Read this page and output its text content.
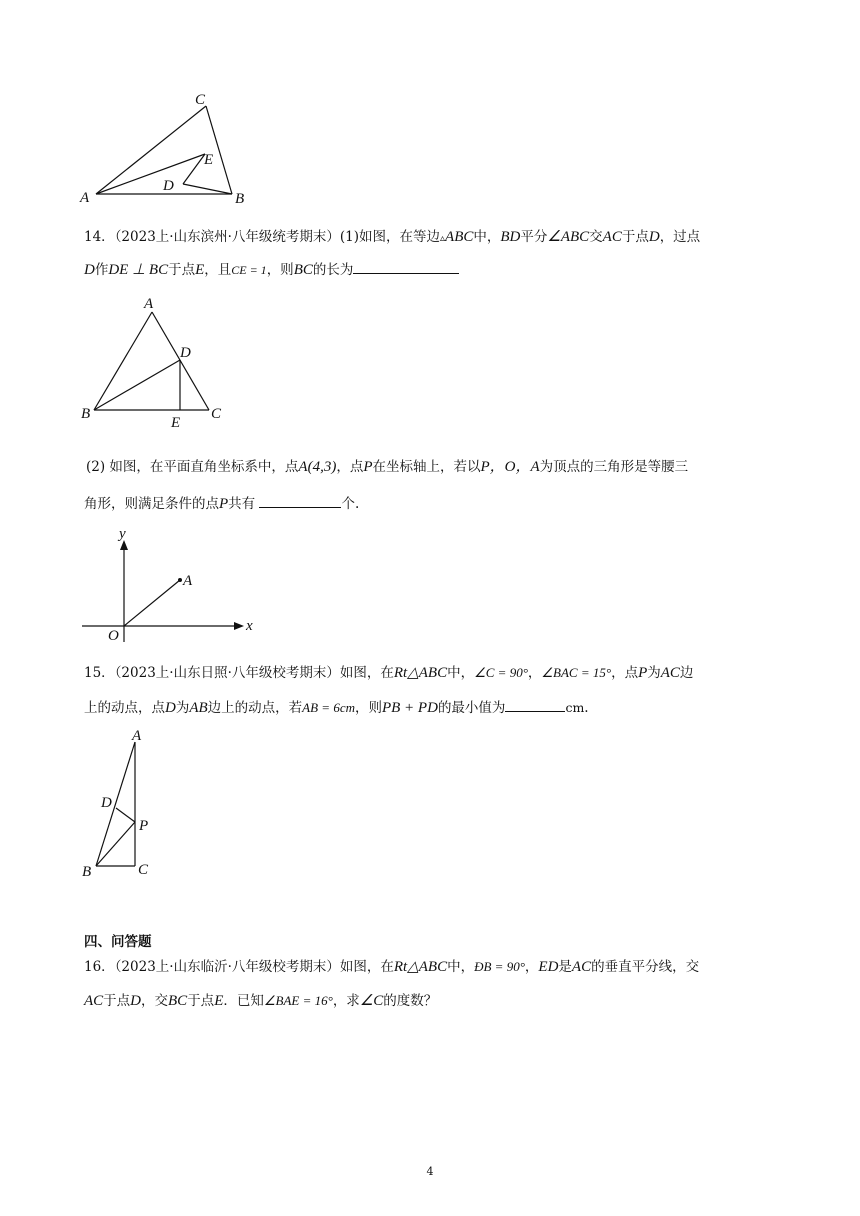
C
E
D
A	B
14．（2023上·山东滨州·八年级统考期末）(1)如图，在等边▵ABC中，BD平分∠ABC交AC于点D，过点
D作DE ⊥ BC于点E，且CE = 1，则BC的长为
A
D
B
E
C
(2) 如图，在平面直角坐标系中，点A(4,3)，点P在坐标轴上，若以P，O，A为顶点的三角形是等腰三
角形，则满足条件的点P共有	个.
y
x
O
A
15．（2023上·山东日照·八年级校考期末）如图，在Rt△ABC中，∠C = 90°，∠BAC = 15°，点P为AC边
上的动点，点D为AB边上的动点，若AB = 6cm，则PB + PD的最小值为	cm.
A
D
P
B	C
四、问答题
16．（2023上·山东临沂·八年级校考期末）如图，在Rt△ABC中，ÐB = 90°，ED是AC的垂直平分线，交
AC于点D，交BC于点E．已知∠BAE = 16°，求∠C的度数？
4
